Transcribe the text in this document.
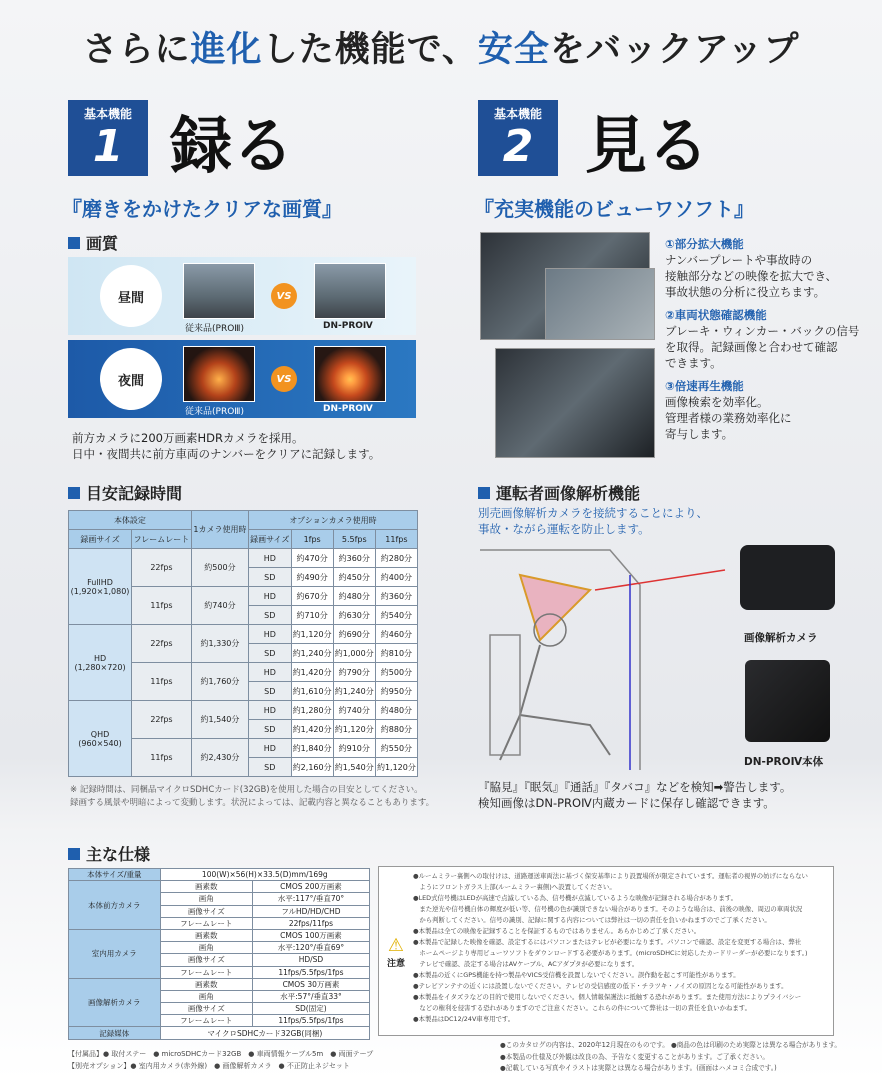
さらに進化した機能で、安全をバックアップ
基本機能
1 録る
『磨きをかけたクリアな画質』
画質
昼間
従来品(PROⅢ)
VS
DN-PROⅣ
夜間
従来品(PROⅢ)
VS
DN-PROⅣ
前方カメラに200万画素HDRカメラを採用。
日中・夜間共に前方車両のナンバーをクリアに記録します。
目安記録時間
本体設定		1カメラ使用時	オプションカメラ使用時			
録画サイズ	フレームレート		録画サイズ	1fps	5.5fps	11fps
FullHD
(1,920×1,080)	22fps	約500分	HD	約470分	約360分	約280分
			SD	約490分	約450分	約400分
	11fps	約740分	HD	約670分	約480分	約360分
			SD	約710分	約630分	約540分
HD
(1,280×720)	22fps	約1,330分	HD	約1,120分	約690分	約460分
			SD	約1,240分	約1,000分	約810分
	11fps	約1,760分	HD	約1,420分	約790分	約500分
			SD	約1,610分	約1,240分	約950分
QHD
(960×540)	22fps	約1,540分	HD	約1,280分	約740分	約480分
			SD	約1,420分	約1,120分	約880分
	11fps	約2,430分	HD	約1,840分	約910分	約550分
			SD	約2,160分	約1,540分	約1,120分
※ 記録時間は、同梱品マイクロSDHCカード(32GB)を使用した場合の目安としてください。
録画する風景や明暗によって変動します。状況によっては、記載内容と異なることもあります。
基本機能
2 見る
『充実機能のビューワソフト』
①部分拡大機能
ナンバープレートや事故時の
接触部分などの映像を拡大でき、
事故状態の分析に役立ちます。
②車両状態確認機能
ブレーキ・ウィンカー・バックの信号
を取得。記録画像と合わせて確認
できます。
③倍速再生機能
画像検索を効率化。
管理者様の業務効率化に
寄与します。
運転者画像解析機能
別売画像解析カメラを接続することにより、
事故・ながら運転を防止します。
画像解析カメラ
DN-PROⅣ本体
『脇見』『眠気』『通話』『タバコ』などを検知➡警告します。
検知画像はDN-PROⅣ内蔵カードに保存し確認できます。
主な仕様
本体サイズ/重量	100(W)×56(H)×33.5(D)mm/169g	
本体前方カメラ	画素数	CMOS 200万画素
	画角	水平:117°/垂直70°
	画像サイズ	フルHD/HD/CHD
	フレームレート	22fps/11fps
室内用カメラ	画素数	CMOS 100万画素
	画角	水平:120°/垂直69°
	画像サイズ	HD/SD
	フレームレート	11fps/5.5fps/1fps
画像解析カメラ	画素数	CMOS 30万画素
	画角	水平:57°/垂直33°
	画像サイズ	SD(固定)
	フレームレート	11fps/5.5fps/1fps
記録媒体	マイクロSDHCカード32GB(同梱)	
【付属品】● 取付ステー　● microSDHCカード32GB　● 車両情報ケーブル5m　● 両面テープ
【別売オプション】● 室内用カメラ(赤外線)　● 画像解析カメラ　● 不正防止ネジセット
⚠
注意
●ルームミラー裏側への取付けは、道路運送車両法に基づく保安基準により設置場所が限定されています。運転者の視界の妨げにならない
　ようにフロントガラス上部(ルームミラー裏側)へ設置してください。
●LED式信号機はLEDが高速で点滅している為、信号機が点滅しているような映像が記録される場合があります。
　また逆光や信号機自体の輝度が低い等、信号機の色が識別できない場合があります。そのような場合は、前後の映像、周辺の車両状況
　から判断してください。信号の識別、記録に関する内容については弊社は一切の責任を負いかねますのでご了承ください。
●本製品は全ての映像を記録することを保証するものではありません。あらかじめご了承ください。
●本製品で記録した映像を確認、設定するにはパソコンまたはテレビが必要になります。パソコンで確認、設定を変更する場合は、弊社
　ホームページより専用ビューワソフトをダウンロードする必要があります。(microSDHCに対応したカードリーダーが必要になります。)
　テレビで確認、設定する場合はAVケーブル、ACアダプタが必要になります。
●本製品の近くにGPS機能を持つ製品やVICS受信機を設置しないでください。誤作動を起こす可能性があります。
●テレビアンテナの近くには設置しないでください。テレビの受信感度の低下・チラツキ・ノイズの原因となる可能性があります。
●本製品をイタズラなどの目的で使用しないでください。個人情報保護法に抵触する恐れがあります。また使用方法によりプライバシー
　などの権利を侵害する恐れがありますのでご注意ください。これらの件について弊社は一切の責任を負いかねます。
●本製品はDC12/24V車専用です。
●このカタログの内容は、2020年12月現在のものです。 ●商品の色は印刷のため実際とは異なる場合があります。
●本製品の仕様及び外観は改良の為、予告なく変更することがあります。ご了承ください。
●記載している写真やイラストは実際とは異なる場合があります。(画面はハメコミ合成です。)
